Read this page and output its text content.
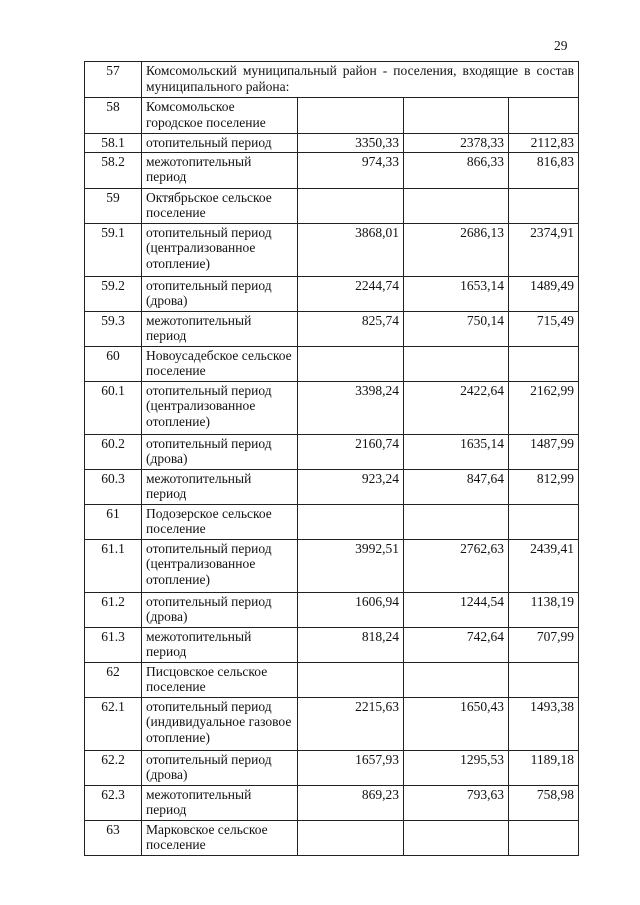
29
57	Комсомольский муниципальный район - поселения, входящие в состав муниципального района:			
58	Комсомольское городское поселение			
58.1	отопительный период	3350,33	2378,33	2112,83
58.2	межотопительный период	974,33	866,33	816,83
59	Октябрьское сельское поселение			
59.1	отопительный период (централизованное отопление)	3868,01	2686,13	2374,91
59.2	отопительный период (дрова)	2244,74	1653,14	1489,49
59.3	межотопительный период	825,74	750,14	715,49
60	Новоусадебское сельское поселение			
60.1	отопительный период (централизованное отопление)	3398,24	2422,64	2162,99
60.2	отопительный период (дрова)	2160,74	1635,14	1487,99
60.3	межотопительный период	923,24	847,64	812,99
61	Подозерское сельское поселение			
61.1	отопительный период (централизованное отопление)	3992,51	2762,63	2439,41
61.2	отопительный период (дрова)	1606,94	1244,54	1138,19
61.3	межотопительный период	818,24	742,64	707,99
62	Писцовское сельское поселение			
62.1	отопительный период (индивидуальное газовое отопление)	2215,63	1650,43	1493,38
62.2	отопительный период (дрова)	1657,93	1295,53	1189,18
62.3	межотопительный период	869,23	793,63	758,98
63	Марковское сельское поселение			
